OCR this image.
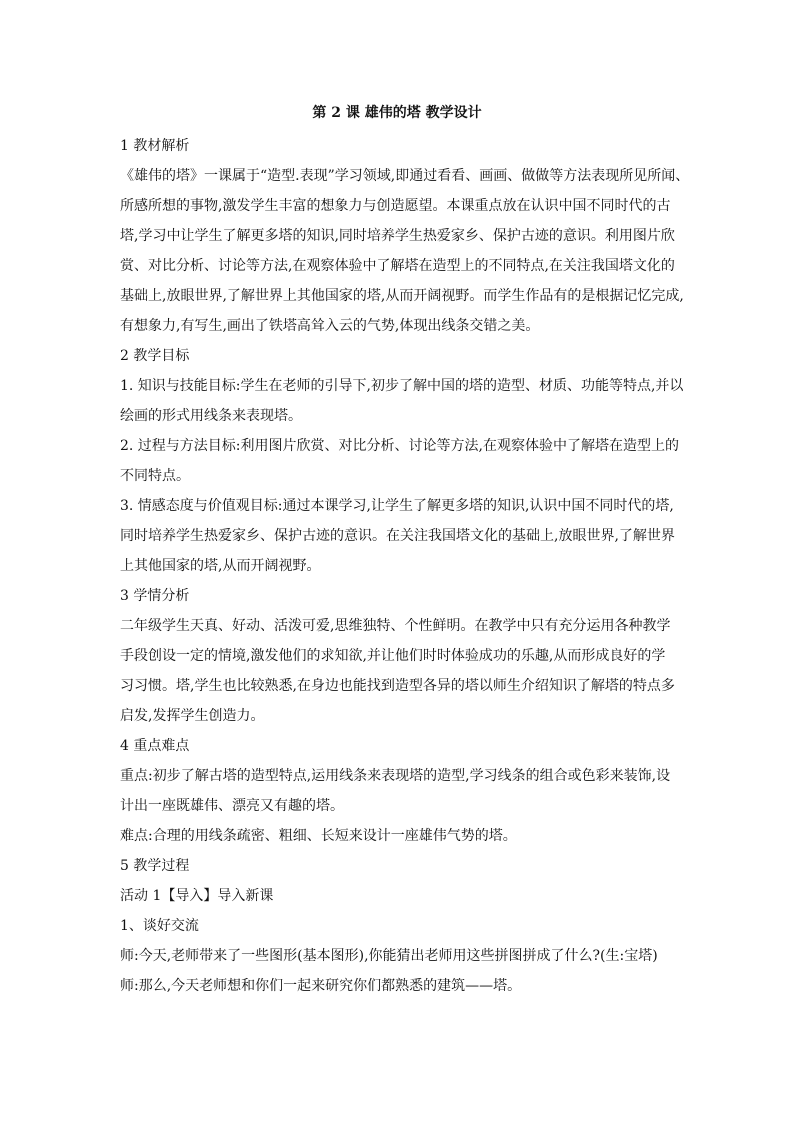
第 2 课 雄伟的塔 教学设计
1 教材解析
《雄伟的塔》一课属于“造型.表现”学习领域,即通过看看、画画、做做等方法表现所见所闻、
所感所想的事物,激发学生丰富的想象力与创造愿望。本课重点放在认识中国不同时代的古
塔,学习中让学生了解更多塔的知识,同时培养学生热爱家乡、保护古迹的意识。利用图片欣
赏、对比分析、讨论等方法,在观察体验中了解塔在造型上的不同特点,在关注我国塔文化的
基础上,放眼世界,了解世界上其他国家的塔,从而开阔视野。而学生作品有的是根据记忆完成,
有想象力,有写生,画出了铁塔高耸入云的气势,体现出线条交错之美。
2 教学目标
1. 知识与技能目标:学生在老师的引导下,初步了解中国的塔的造型、材质、功能等特点,并以
绘画的形式用线条来表现塔。
2. 过程与方法目标:利用图片欣赏、对比分析、讨论等方法,在观察体验中了解塔在造型上的
不同特点。
3. 情感态度与价值观目标:通过本课学习,让学生了解更多塔的知识,认识中国不同时代的塔,
同时培养学生热爱家乡、保护古迹的意识。在关注我国塔文化的基础上,放眼世界,了解世界
上其他国家的塔,从而开阔视野。
3 学情分析
二年级学生天真、好动、活泼可爱,思维独特、个性鲜明。在教学中只有充分运用各种教学
手段创设一定的情境,激发他们的求知欲,并让他们时时体验成功的乐趣,从而形成良好的学
习习惯。塔,学生也比较熟悉,在身边也能找到造型各异的塔以师生介绍知识了解塔的特点多
启发,发挥学生创造力。
4 重点难点
重点:初步了解古塔的造型特点,运用线条来表现塔的造型,学习线条的组合或色彩来装饰,设
计出一座既雄伟、漂亮又有趣的塔。
难点:合理的用线条疏密、粗细、长短来设计一座雄伟气势的塔。
5 教学过程
活动 1【导入】导入新课
1、谈好交流
师:今天,老师带来了一些图形(基本图形),你能猜出老师用这些拼图拼成了什么?(生:宝塔)
师:那么,今天老师想和你们一起来研究你们都熟悉的建筑——塔。
